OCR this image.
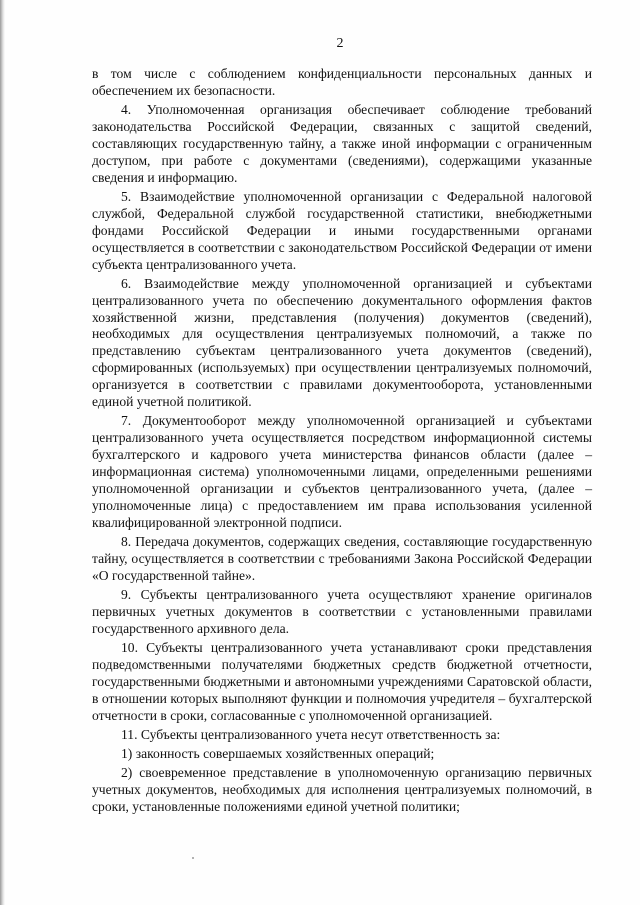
2

в том числе с соблюдением конфиденциальности персональных данных и обеспечением их безопасности.

4. Уполномоченная организация обеспечивает соблюдение требований законодательства Российской Федерации, связанных с защитой сведений, составляющих государственную тайну, а также иной информации с ограниченным доступом, при работе с документами (сведениями), содержащими указанные сведения и информацию.

5. Взаимодействие уполномоченной организации с Федеральной налоговой службой, Федеральной службой государственной статистики, внебюджетными фондами Российской Федерации и иными государственными органами осуществляется в соответствии с законодательством Российской Федерации от имени субъекта централизованного учета.

6. Взаимодействие между уполномоченной организацией и субъектами централизованного учета по обеспечению документального оформления фактов хозяйственной жизни, представления (получения) документов (сведений), необходимых для осуществления централизуемых полномочий, а также по представлению субъектам централизованного учета документов (сведений), сформированных (используемых) при осуществлении централизуемых полномочий, организуется в соответствии с правилами документооборота, установленными единой учетной политикой.

7. Документооборот между уполномоченной организацией и субъектами централизованного учета осуществляется посредством информационной системы бухгалтерского и кадрового учета министерства финансов области (далее – информационная система) уполномоченными лицами, определенными решениями уполномоченной организации и субъектов централизованного учета, (далее – уполномоченные лица) с предоставлением им права использования усиленной квалифицированной электронной подписи.

8. Передача документов, содержащих сведения, составляющие государственную тайну, осуществляется в соответствии с требованиями Закона Российской Федерации «О государственной тайне».

9. Субъекты централизованного учета осуществляют хранение оригиналов первичных учетных документов в соответствии с установленными правилами государственного архивного дела.

10. Субъекты централизованного учета устанавливают сроки представления подведомственными получателями бюджетных средств бюджетной отчетности, государственными бюджетными и автономными учреждениями Саратовской области, в отношении которых выполняют функции и полномочия учредителя – бухгалтерской отчетности в сроки, согласованные с уполномоченной организацией.

11. Субъекты централизованного учета несут ответственность за:

1) законность совершаемых хозяйственных операций;

2) своевременное представление в уполномоченную организацию первичных учетных документов, необходимых для исполнения централизуемых полномочий, в сроки, установленные положениями единой учетной политики;
